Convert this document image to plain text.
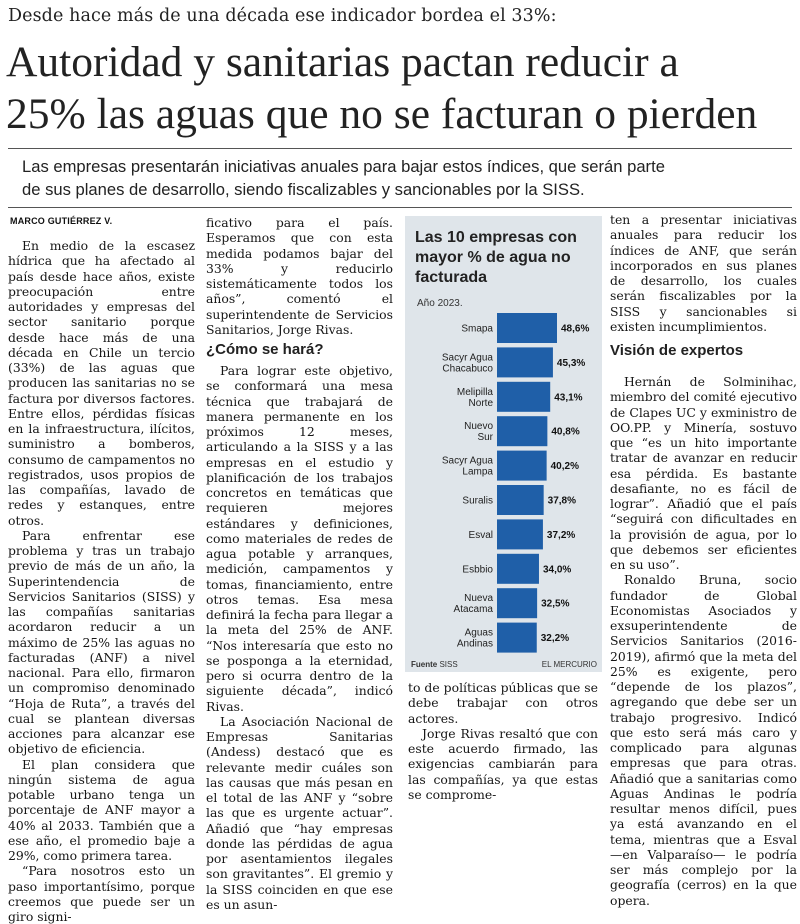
Desde hace más de una década ese indicador bordea el 33%:
Autoridad y sanitarias pactan reducir a
25% las aguas que no se facturan o pierden
Las empresas presentarán iniciativas anuales para bajar estos índices, que serán parte
de sus planes de desarrollo, siendo fiscalizables y sancionables por la SISS.
MARCO GUTIÉRREZ V.

En medio de la escasez hídrica que ha afectado al país desde hace años, existe preocupación entre autoridades y empresas del sector sanitario porque desde hace más de una década en Chile un tercio (33%) de las aguas que producen las sanitarias no se factura por diversos factores. Entre ellos, pérdidas físicas en la infraestructura, ilícitos, suministro a bomberos, consumo de campamentos no registrados, usos propios de las compañías, lavado de redes y estanques, entre otros.

Para enfrentar ese problema y tras un trabajo previo de más de un año, la Superintendencia de Servicios Sanitarios (SISS) y las compañías sanitarias acordaron reducir a un máximo de 25% las aguas no facturadas (ANF) a nivel nacional. Para ello, firmaron un compromiso denominado “Hoja de Ruta”, a través del cual se plantean diversas acciones para alcanzar ese objetivo de eficiencia.

El plan considera que ningún sistema de agua potable urbano tenga un porcentaje de ANF mayor a 40% al 2033. También que a ese año, el promedio baje a 29%, como primera tarea.

“Para nosotros esto un paso importantísimo, porque creemos que puede ser un giro signi-

ficativo para el país. Esperamos que con esta medida podamos bajar del 33% y reducirlo sistemáticamente todos los años”, comentó el superintendente de Servicios Sanitarios, Jorge Rivas.

¿Cómo se hará?

Para lograr este objetivo, se conformará una mesa técnica que trabajará de manera permanente en los próximos 12 meses, articulando a la SISS y a las empresas en el estudio y planificación de los trabajos concretos en temáticas que requieren mejores estándares y definiciones, como materiales de redes de agua potable y arranques, medición, campamentos y tomas, financiamiento, entre otros temas. Esa mesa definirá la fecha para llegar a la meta del 25% de ANF. “Nos interesaría que esto no se posponga a la eternidad, pero si ocurra dentro de la siguiente década”, indicó Rivas.

La Asociación Nacional de Empresas Sanitarias (Andess) destacó que es relevante medir cuáles son las causas que más pesan en el total de las ANF y “sobre las que es urgente actuar”. Añadió que “hay empresas donde las pérdidas de agua por asentamientos ilegales son gravitantes”. El gremio y la SISS coinciden en que ese es un asun-

Las 10 empresas con mayor % de agua no facturada
Año 2023.
Smapa	48,6%
Sacyr Agua Chacabuco	45,3%
Melipilla Norte	43,1%
Nuevo Sur	40,8%
Sacyr Agua Lampa	40,2%
Suralis	37,8%
Esval	37,2%
Esbbio	34,0%
Nueva Atacama	32,5%
Aguas Andinas	32,2%
Fuente SISS	EL MERCURIO

to de políticas públicas que se debe trabajar con otros actores.

Jorge Rivas resaltó que con este acuerdo firmado, las exigencias cambiarán para las compañías, ya que estas se comprome-

ten a presentar iniciativas anuales para reducir los índices de ANF, que serán incorporados en sus planes de desarrollo, los cuales serán fiscalizables por la SISS y sancionables si existen incumplimientos.

Visión de expertos

Hernán de Solminihac, miembro del comité ejecutivo de Clapes UC y exministro de OO.PP. y Minería, sostuvo que “es un hito importante tratar de avanzar en reducir esa pérdida. Es bastante desafiante, no es fácil de lograr”. Añadió que el país “seguirá con dificultades en la provisión de agua, por lo que debemos ser eficientes en su uso”.

Ronaldo Bruna, socio fundador de Global Economistas Asociados y exsuperintendente de Servicios Sanitarios (2016-2019), afirmó que la meta del 25% es exigente, pero “depende de los plazos”, agregando que debe ser un trabajo progresivo. Indicó que esto será más caro y complicado para algunas empresas que para otras. Añadió que a sanitarias como Aguas Andinas le podría resultar menos difícil, pues ya está avanzando en el tema, mientras que a Esval —en Valparaíso— le podría ser más complejo por la geografía (cerros) en la que opera.
